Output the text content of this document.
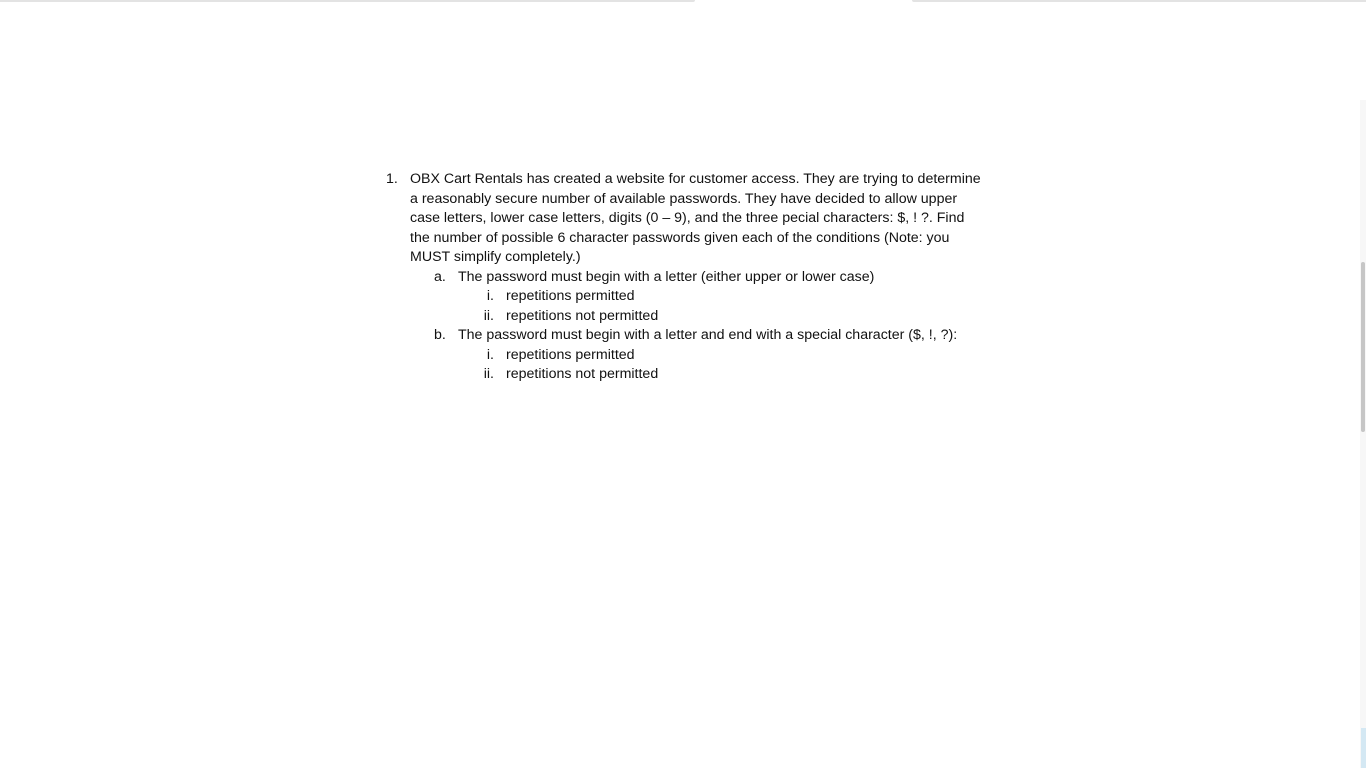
1. OBX Cart Rentals has created a website for customer access. They are trying to determine a reasonably secure number of available passwords. They have decided to allow upper case letters, lower case letters, digits (0 – 9), and the three pecial characters: $, ! ?. Find the number of possible 6 character passwords given each of the conditions (Note: you MUST simplify completely.)
a. The password must begin with a letter (either upper or lower case)
i. repetitions permitted
ii. repetitions not permitted
b. The password must begin with a letter and end with a special character ($, !, ?):
i. repetitions permitted
ii. repetitions not permitted
